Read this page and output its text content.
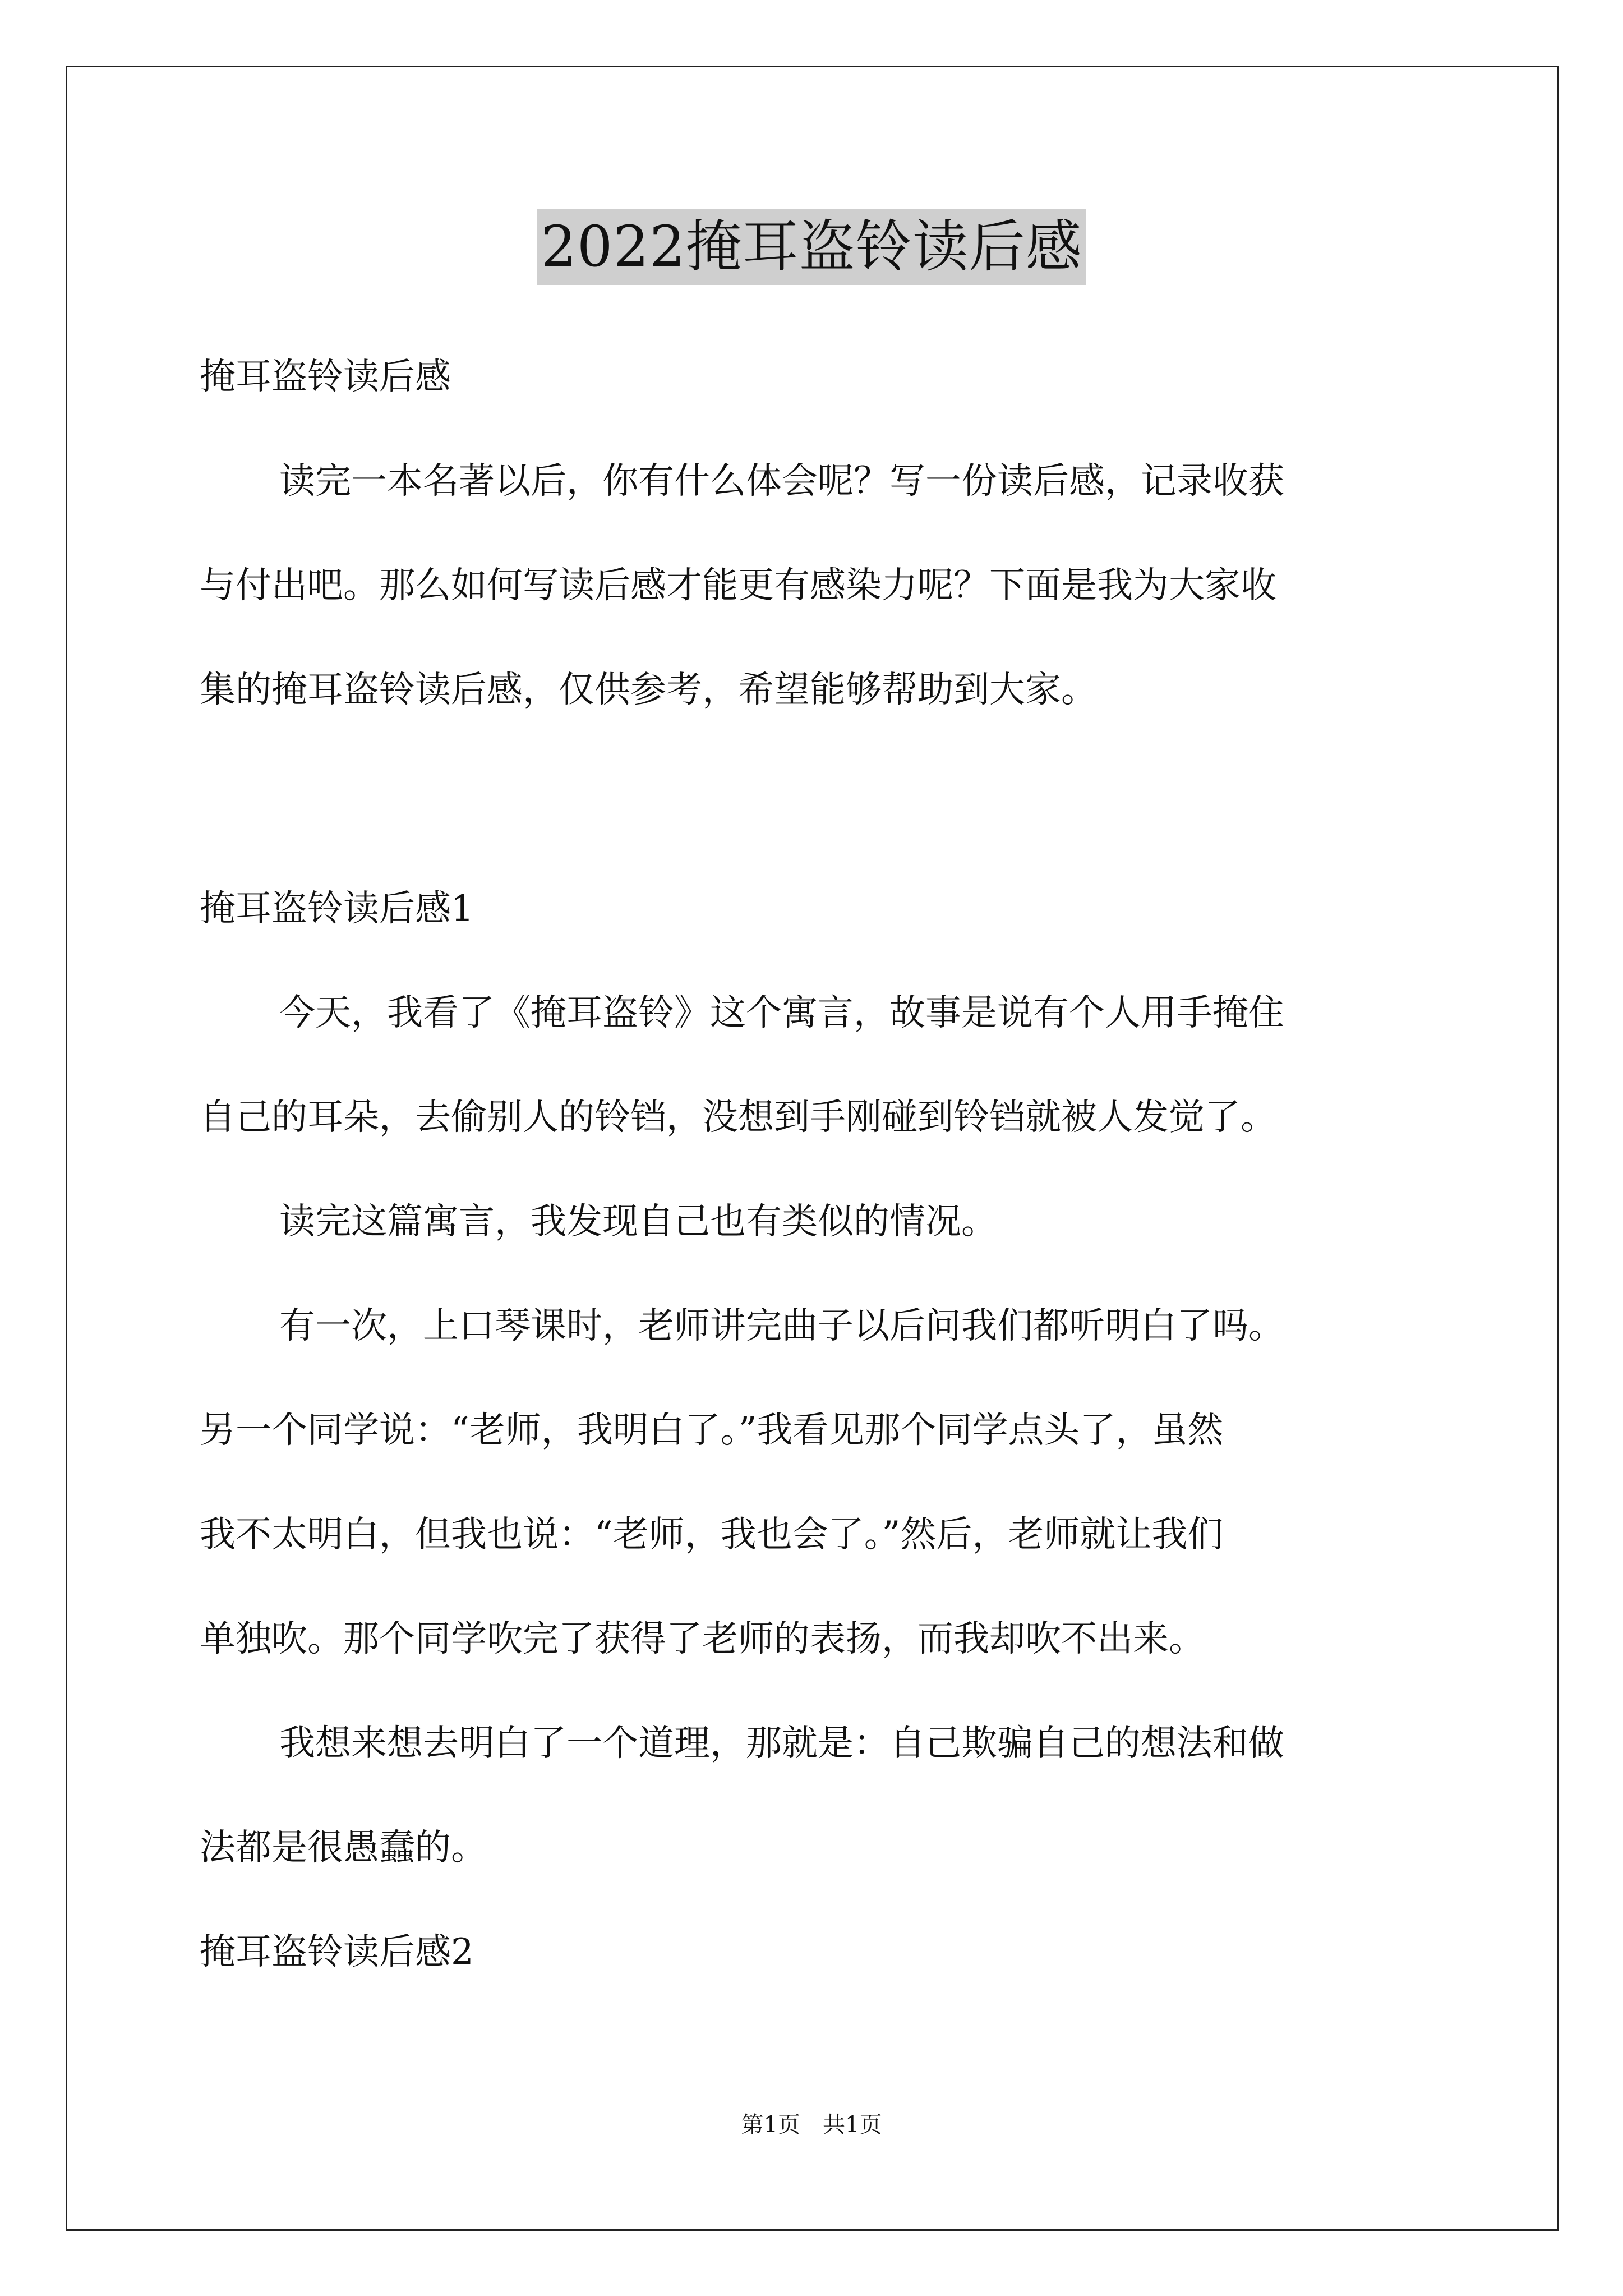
2022掩耳盗铃读后感
掩耳盗铃读后感
读完一本名著以后，你有什么体会呢？写一份读后感，记录收获
与付出吧。那么如何写读后感才能更有感染力呢？下面是我为大家收
集的掩耳盗铃读后感，仅供参考，希望能够帮助到大家。
掩耳盗铃读后感1
今天，我看了《掩耳盗铃》这个寓言，故事是说有个人用手掩住
自己的耳朵，去偷别人的铃铛，没想到手刚碰到铃铛就被人发觉了。
读完这篇寓言，我发现自己也有类似的情况。
有一次，上口琴课时，老师讲完曲子以后问我们都听明白了吗。
另一个同学说：“老师，我明白了。”我看见那个同学点头了，虽然
我不太明白，但我也说：“老师，我也会了。”然后，老师就让我们
单独吹。那个同学吹完了获得了老师的表扬，而我却吹不出来。
我想来想去明白了一个道理，那就是：自己欺骗自己的想法和做
法都是很愚蠢的。
掩耳盗铃读后感2
第1页 共1页
